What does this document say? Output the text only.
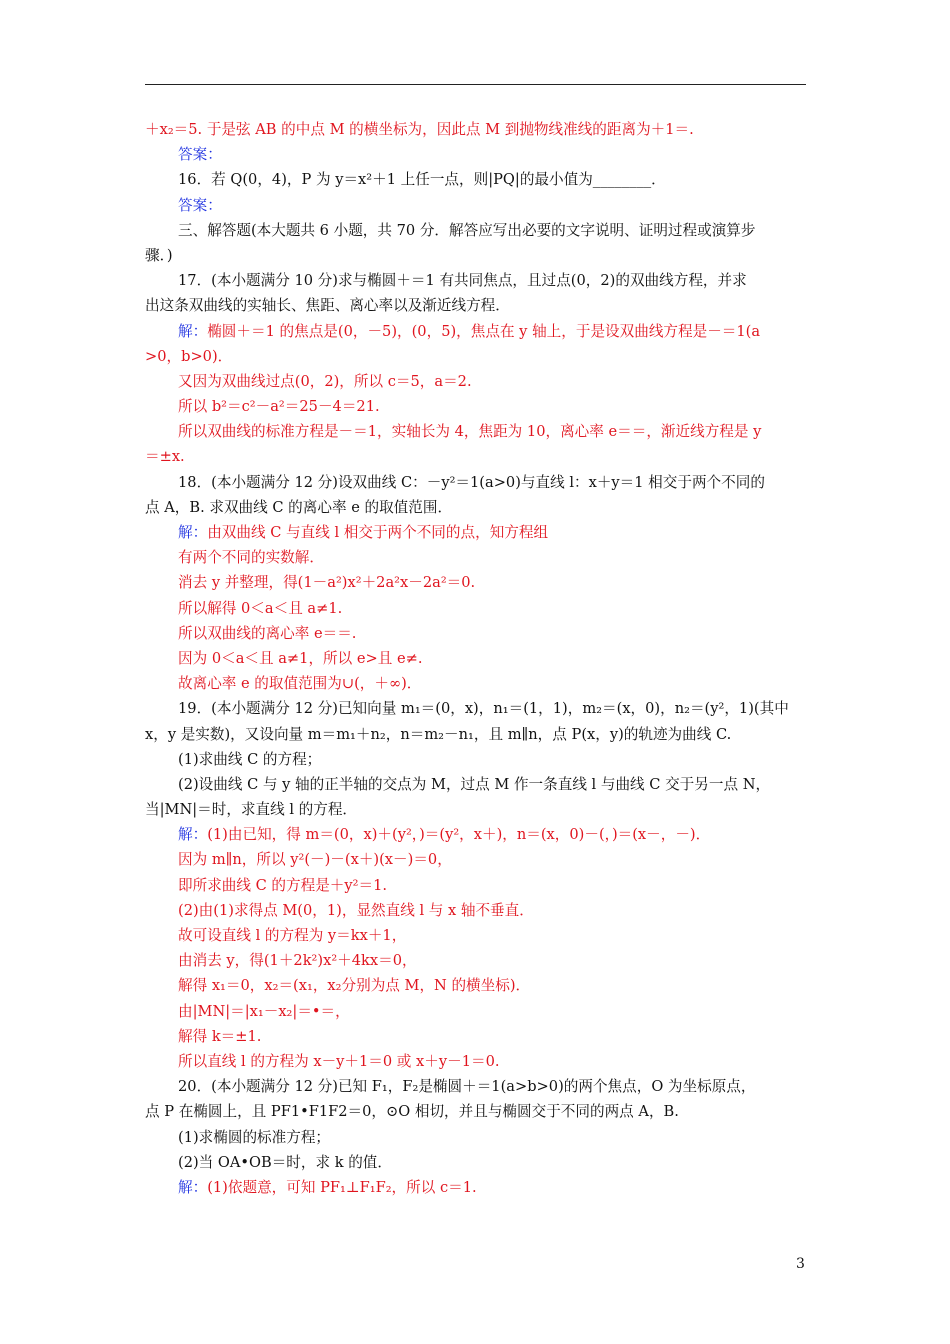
＋x₂＝5. 于是弦 AB 的中点 M 的横坐标为，因此点 M 到抛物线准线的距离为＋1＝.
答案：
16．若 Q(0，4)，P 为 y＝x²＋1 上任一点，则|PQ|的最小值为________．
答案：
三、解答题(本大题共 6 小题，共 70 分．解答应写出必要的文字说明、证明过程或演算步
骤．)
17．(本小题满分 10 分)求与椭圆＋＝1 有共同焦点，且过点(0，2)的双曲线方程，并求
出这条双曲线的实轴长、焦距、离心率以及渐近线方程．
解：椭圆＋＝1 的焦点是(0，－5)，(0，5)，焦点在 y 轴上，于是设双曲线方程是－＝1(a
>0，b>0)．
又因为双曲线过点(0，2)，所以 c＝5，a＝2.
所以 b²＝c²－a²＝25－4＝21.
所以双曲线的标准方程是－＝1，实轴长为 4，焦距为 10，离心率 e＝＝，渐近线方程是 y
＝±x.
18．(本小题满分 12 分)设双曲线 C：－y²＝1(a>0)与直线 l：x＋y＝1 相交于两个不同的
点 A，B. 求双曲线 C 的离心率 e 的取值范围．
解：由双曲线 C 与直线 l 相交于两个不同的点，知方程组
有两个不同的实数解．
消去 y 并整理，得(1－a²)x²＋2a²x－2a²＝0.
所以解得 0＜a＜且 a≠1.
所以双曲线的离心率 e＝＝.
因为 0＜a＜且 a≠1，所以 e>且 e≠.
故离心率 e 的取值范围为∪(，＋∞)．
19．(本小题满分 12 分)已知向量 m₁＝(0，x)，n₁＝(1，1)，m₂＝(x，0)，n₂＝(y²，1)(其中
x，y 是实数)，又设向量 m＝m₁＋n₂，n＝m₂－n₁，且 m∥n，点 P(x，y)的轨迹为曲线 C.
(1)求曲线 C 的方程；
(2)设曲线 C 与 y 轴的正半轴的交点为 M，过点 M 作一条直线 l 与曲线 C 交于另一点 N，
当|MN|＝时，求直线 l 的方程．
解：(1)由已知，得 m＝(0，x)＋(y²，)＝(y²，x＋)，n＝(x，0)－(，)＝(x－，－)．
因为 m∥n，所以 y²(－)－(x＋)(x－)＝0，
即所求曲线 C 的方程是＋y²＝1.
(2)由(1)求得点 M(0，1)，显然直线 l 与 x 轴不垂直．
故可设直线 l 的方程为 y＝kx＋1，
由消去 y，得(1＋2k²)x²＋4kx＝0，
解得 x₁＝0，x₂＝(x₁，x₂分别为点 M，N 的横坐标)．
由|MN|＝|x₁－x₂|＝•＝，
解得 k＝±1.
所以直线 l 的方程为 x－y＋1＝0 或 x＋y－1＝0.
20．(本小题满分 12 分)已知 F₁，F₂是椭圆＋＝1(a>b>0)的两个焦点，O 为坐标原点，
点 P 在椭圆上，且 PF1•F1F2＝0，⊙O 相切，并且与椭圆交于不同的两点 A，B.
(1)求椭圆的标准方程；
(2)当 OA•OB＝时，求 k 的值．
解：(1)依题意，可知 PF₁⊥F₁F₂，所以 c＝1.
3
